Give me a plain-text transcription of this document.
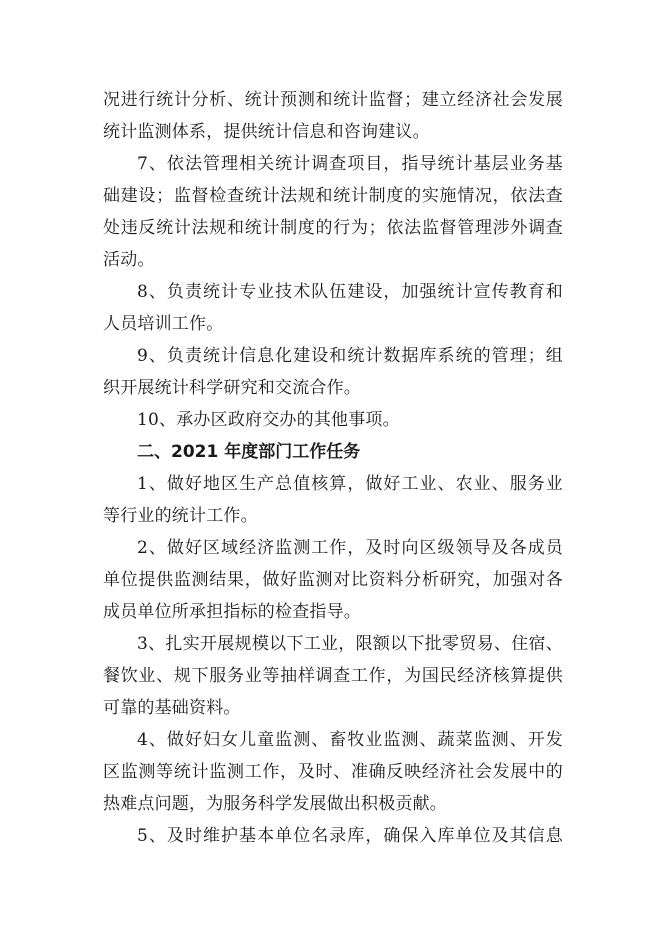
况进行统计分析、统计预测和统计监督；建立经济社会发展
统计监测体系，提供统计信息和咨询建议。
7、依法管理相关统计调查项目，指导统计基层业务基
础建设；监督检查统计法规和统计制度的实施情况，依法查
处违反统计法规和统计制度的行为；依法监督管理涉外调查
活动。
8、负责统计专业技术队伍建设，加强统计宣传教育和
人员培训工作。
9、负责统计信息化建设和统计数据库系统的管理；组
织开展统计科学研究和交流合作。
10、承办区政府交办的其他事项。
二、2021 年度部门工作任务
1、做好地区生产总值核算，做好工业、农业、服务业
等行业的统计工作。
2、做好区域经济监测工作，及时向区级领导及各成员
单位提供监测结果，做好监测对比资料分析研究，加强对各
成员单位所承担指标的检查指导。
3、扎实开展规模以下工业，限额以下批零贸易、住宿、
餐饮业、规下服务业等抽样调查工作，为国民经济核算提供
可靠的基础资料。
4、做好妇女儿童监测、畜牧业监测、蔬菜监测、开发
区监测等统计监测工作，及时、准确反映经济社会发展中的
热难点问题，为服务科学发展做出积极贡献。
5、及时维护基本单位名录库，确保入库单位及其信息
